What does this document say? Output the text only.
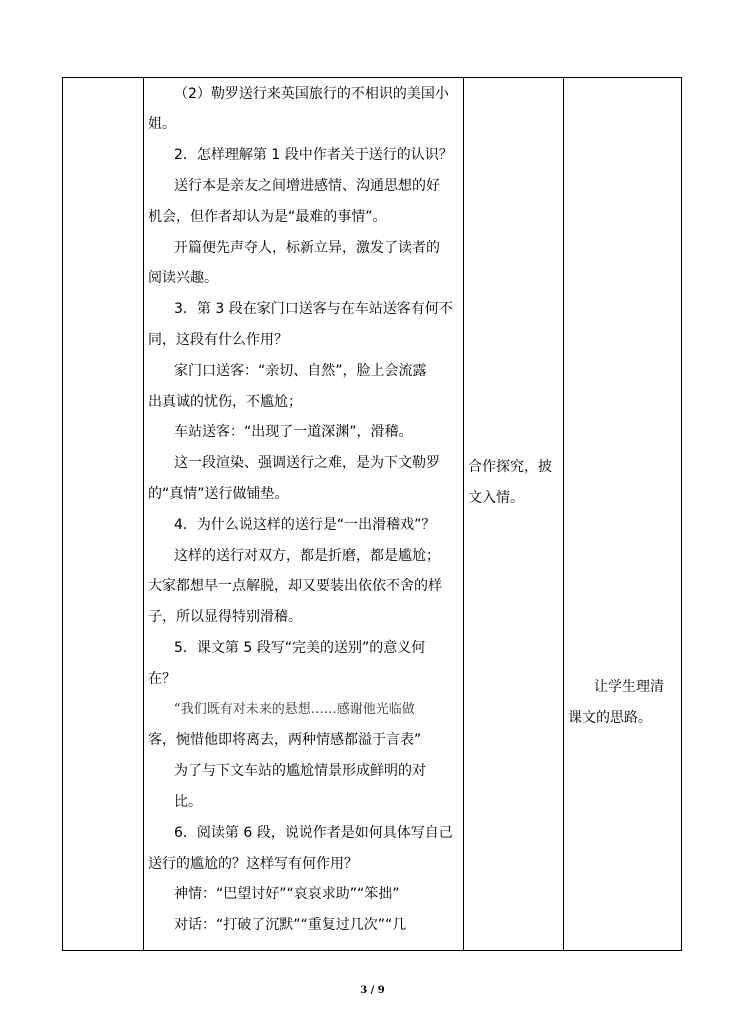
（2）勒罗送行来英国旅行的不相识的美国小
姐。
2．怎样理解第 1 段中作者关于送行的认识？
送行本是亲友之间增进感情、沟通思想的好
机会，但作者却认为是“最难的事情”。
开篇便先声夺人，标新立异，激发了读者的
阅读兴趣。
3．第 3 段在家门口送客与在车站送客有何不
同，这段有什么作用？
家门口送客：“亲切、自然”，脸上会流露
出真诚的忧伤，不尴尬；
车站送客：“出现了一道深渊”，滑稽。
这一段渲染、强调送行之难，是为下文勒罗
的“真情”送行做铺垫。
4．为什么说这样的送行是“一出滑稽戏”？
这样的送行对双方，都是折磨，都是尴尬；
大家都想早一点解脱，却又要装出依依不舍的样
子，所以显得特别滑稽。
5．课文第 5 段写“完美的送别”的意义何
在？
“我们既有对未来的悬想……感谢他光临做
客，惋惜他即将离去，两种情感都溢于言表”
为了与下文车站的尴尬情景形成鲜明的对
比。
6．阅读第 6 段，说说作者是如何具体写自己
送行的尴尬的？这样写有何作用？
神情：“巴望讨好”“哀哀求助”“笨拙”
对话：“打破了沉默”“重复过几次”“几
合作探究，披
文入情。
让学生理清
课文的思路。
3 / 9
